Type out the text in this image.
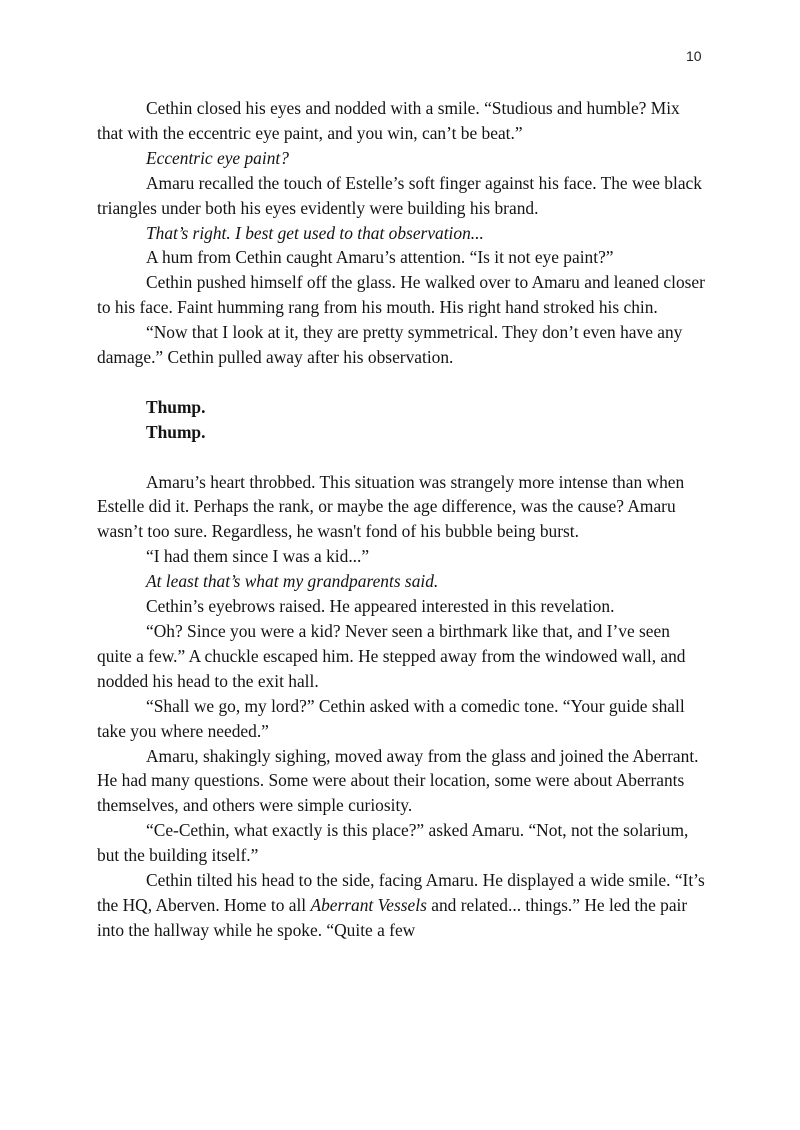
10

Cethin closed his eyes and nodded with a smile. “Studious and humble? Mix that with the eccentric eye paint, and you win, can’t be beat.”

Eccentric eye paint?

Amaru recalled the touch of Estelle’s soft finger against his face. The wee black triangles under both his eyes evidently were building his brand.

That’s right. I best get used to that observation...

A hum from Cethin caught Amaru’s attention. “Is it not eye paint?”

Cethin pushed himself off the glass. He walked over to Amaru and leaned closer to his face. Faint humming rang from his mouth. His right hand stroked his chin.

“Now that I look at it, they are pretty symmetrical. They don’t even have any damage.” Cethin pulled away after his observation.

Thump.

Thump.

Amaru’s heart throbbed. This situation was strangely more intense than when Estelle did it. Perhaps the rank, or maybe the age difference, was the cause? Amaru wasn’t too sure. Regardless, he wasn't fond of his bubble being burst.

“I had them since I was a kid...”

At least that’s what my grandparents said.

Cethin’s eyebrows raised. He appeared interested in this revelation.

“Oh? Since you were a kid? Never seen a birthmark like that, and I’ve seen quite a few.” A chuckle escaped him. He stepped away from the windowed wall, and nodded his head to the exit hall.

“Shall we go, my lord?” Cethin asked with a comedic tone. “Your guide shall take you where needed.”

Amaru, shakingly sighing, moved away from the glass and joined the Aberrant. He had many questions. Some were about their location, some were about Aberrants themselves, and others were simple curiosity.

“Ce-Cethin, what exactly is this place?” asked Amaru. “Not, not the solarium, but the building itself.”

Cethin tilted his head to the side, facing Amaru. He displayed a wide smile. “It’s the HQ, Aberven. Home to all Aberrant Vessels and related... things.” He led the pair into the hallway while he spoke. “Quite a few
